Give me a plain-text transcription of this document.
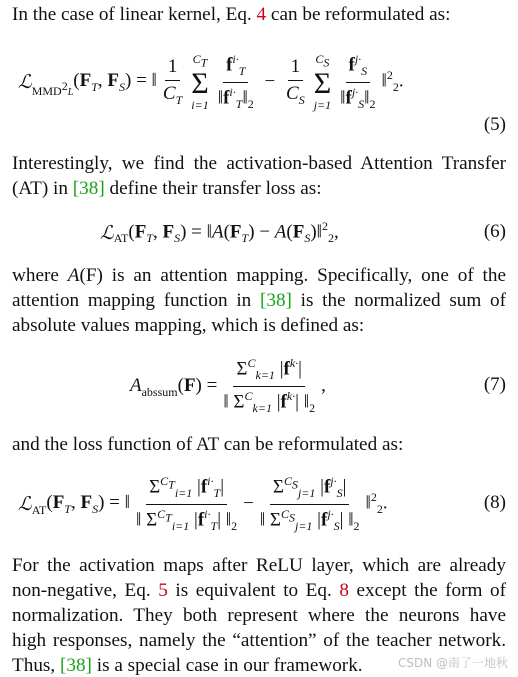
In the case of linear kernel, Eq. 4 can be reformulated as:

ℒ$_{MMD^2L}$
($F_T$, $F_S$) = ‖ $\frac{1}{C_T} C_T$
Σ
$i=1 \frac{f^{i\cdot}_T}{‖f^{i\cdot}_T‖_2} - \frac{1}{C_S} C_S$
Σ
$j=1 \frac{f^{j\cdot}_S}{‖f^{j\cdot}_S‖_2}$ ‖$^2_2$.
(5)

Interestingly, we find the activation-based Attention Transfer (AT) in [38] define their transfer loss as:

ℒ$_{AT}$ ($F_T$, $F_S$) = $‖A(F_T)$ − $A(F_S)‖^2_2$,	(6)

where A(F) is an attention mapping. Specifically, one of the attention mapping function in [38] is the normalized sum of absolute values mapping, which is defined as:

$A_{abssum}$ $(F) = \frac{\Sigma^C_{k=1} |f^{k\cdot}|}{‖ \Sigma^C_{k=1} |f^{k\cdot}| ‖_2}$ ,	(7)

and the loss function of AT can be reformulated as:

ℒ$_{AT}$ ($F_T$, $F_S$) = ‖ $\frac{\Sigma^{C_T}_{i=1} |f^{i\cdot}_T|}{‖ \Sigma^{C_T}_{i=1} |f^{i\cdot}_T| ‖_2} - \frac{\Sigma^{C_S}_{j=1} |f^{j\cdot}_S|}{‖ \Sigma^{C_S}_{j=1} |f^{j\cdot}_S| ‖_2}$ ‖$^2_2$.	(8)

For the activation maps after ReLU layer, which are already non-negative, Eq. 5 is equivalent to Eq. 8 except the form of normalization. They both represent where the neurons have high responses, namely the “attention” of the teacher network. Thus, [38] is a special case in our framework.	CSDN @南了一地秋
